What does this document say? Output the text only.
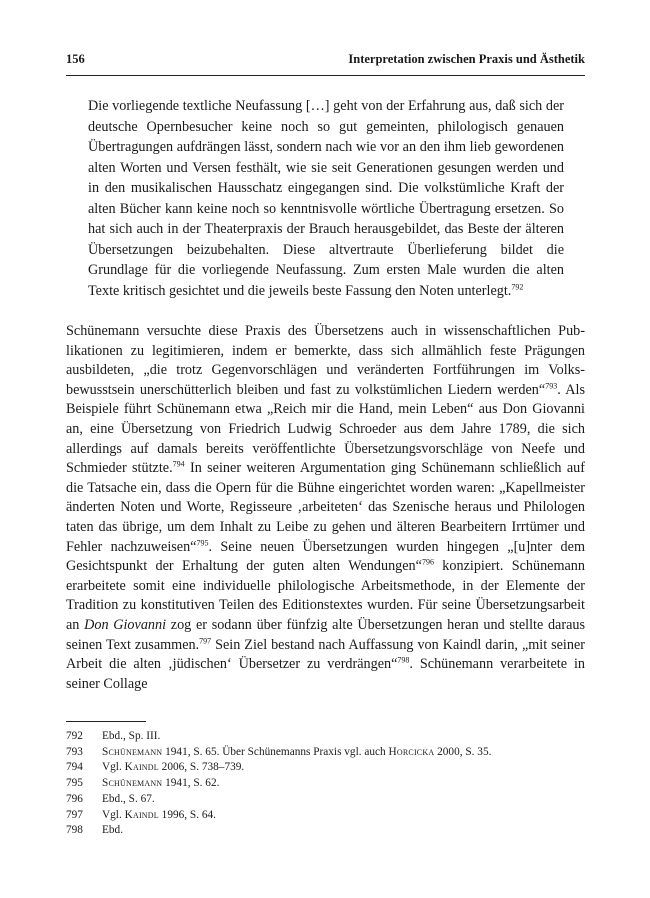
156	Interpretation zwischen Praxis und Ästhetik
Die vorliegende textliche Neufassung […] geht von der Erfahrung aus, daß sich der deutsche Opernbesucher keine noch so gut gemeinten, philologisch genauen Übertragungen aufdrängen lässt, sondern nach wie vor an den ihm lieb gewordenen alten Worten und Versen festhält, wie sie seit Generationen gesungen werden und in den musikalischen Hausschatz eingegangen sind. Die volkstümliche Kraft der alten Bücher kann keine noch so kenntnisvolle wörtliche Übertragung ersetzen. So hat sich auch in der Theaterpraxis der Brauch herausgebildet, das Beste der älteren Übersetzungen beizubehalten. Diese altvertraute Überlieferung bildet die Grundlage für die vorliegende Neufassung. Zum ersten Male wurden die alten Texte kritisch gesichtet und die jeweils beste Fassung den Noten unterlegt.$^{792}$

Schünemann versuchte diese Praxis des Übersetzens auch in wissenschaftlichen Publikationen zu legitimieren, indem er bemerkte, dass sich allmählich feste Prägungen ausbildeten, „die trotz Gegenvorschlägen und veränderten Fortführungen im Volksbewusstsein unerschütterlich bleiben und fast zu volkstümlichen Liedern werden“$^{793}$. Als Beispiele führt Schünemann etwa „Reich mir die Hand, mein Leben“ aus Don Giovanni an, eine Übersetzung von Friedrich Ludwig Schroeder aus dem Jahre 1789, die sich allerdings auf damals bereits veröffentlichte Übersetzungsvorschläge von Neefe und Schmieder stützte.$^{794}$ In seiner weiteren Argumentation ging Schünemann schließlich auf die Tatsache ein, dass die Opern für die Bühne eingerichtet worden waren: „Kapellmeister änderten Noten und Worte, Regisseure ‚arbeiteten‘ das Szenische heraus und Philologen taten das übrige, um dem Inhalt zu Leibe zu gehen und älteren Bearbeitern Irrtümer und Fehler nachzuweisen“$^{795}$. Seine neuen Übersetzungen wurden hingegen „[u]nter dem Gesichtspunkt der Erhaltung der guten alten Wendungen“$^{796}$ konzipiert. Schünemann erarbeitete somit eine individuelle philologische Arbeitsmethode, in der Elemente der Tradition zu konstitutiven Teilen des Editionstextes wurden. Für seine Übersetzungsarbeit an Don Giovanni zog er sodann über fünfzig alte Übersetzungen heran und stellte daraus seinen Text zusammen.$^{797}$ Sein Ziel bestand nach Auffassung von Kaindl darin, „mit seiner Arbeit die alten ‚jüdischen‘ Übersetzer zu verdrängen“$^{798}$. Schünemann verarbeitete in seiner Collage

792	Ebd., Sp. III.
793	Schünemann 1941, S. 65. Über Schünemanns Praxis vgl. auch Horcicka 2000, S. 35.
794	Vgl. Kaindl 2006, S. 738–739.
795	Schünemann 1941, S. 62.
796	Ebd., S. 67.
797	Vgl. Kaindl 1996, S. 64.
798	Ebd.
